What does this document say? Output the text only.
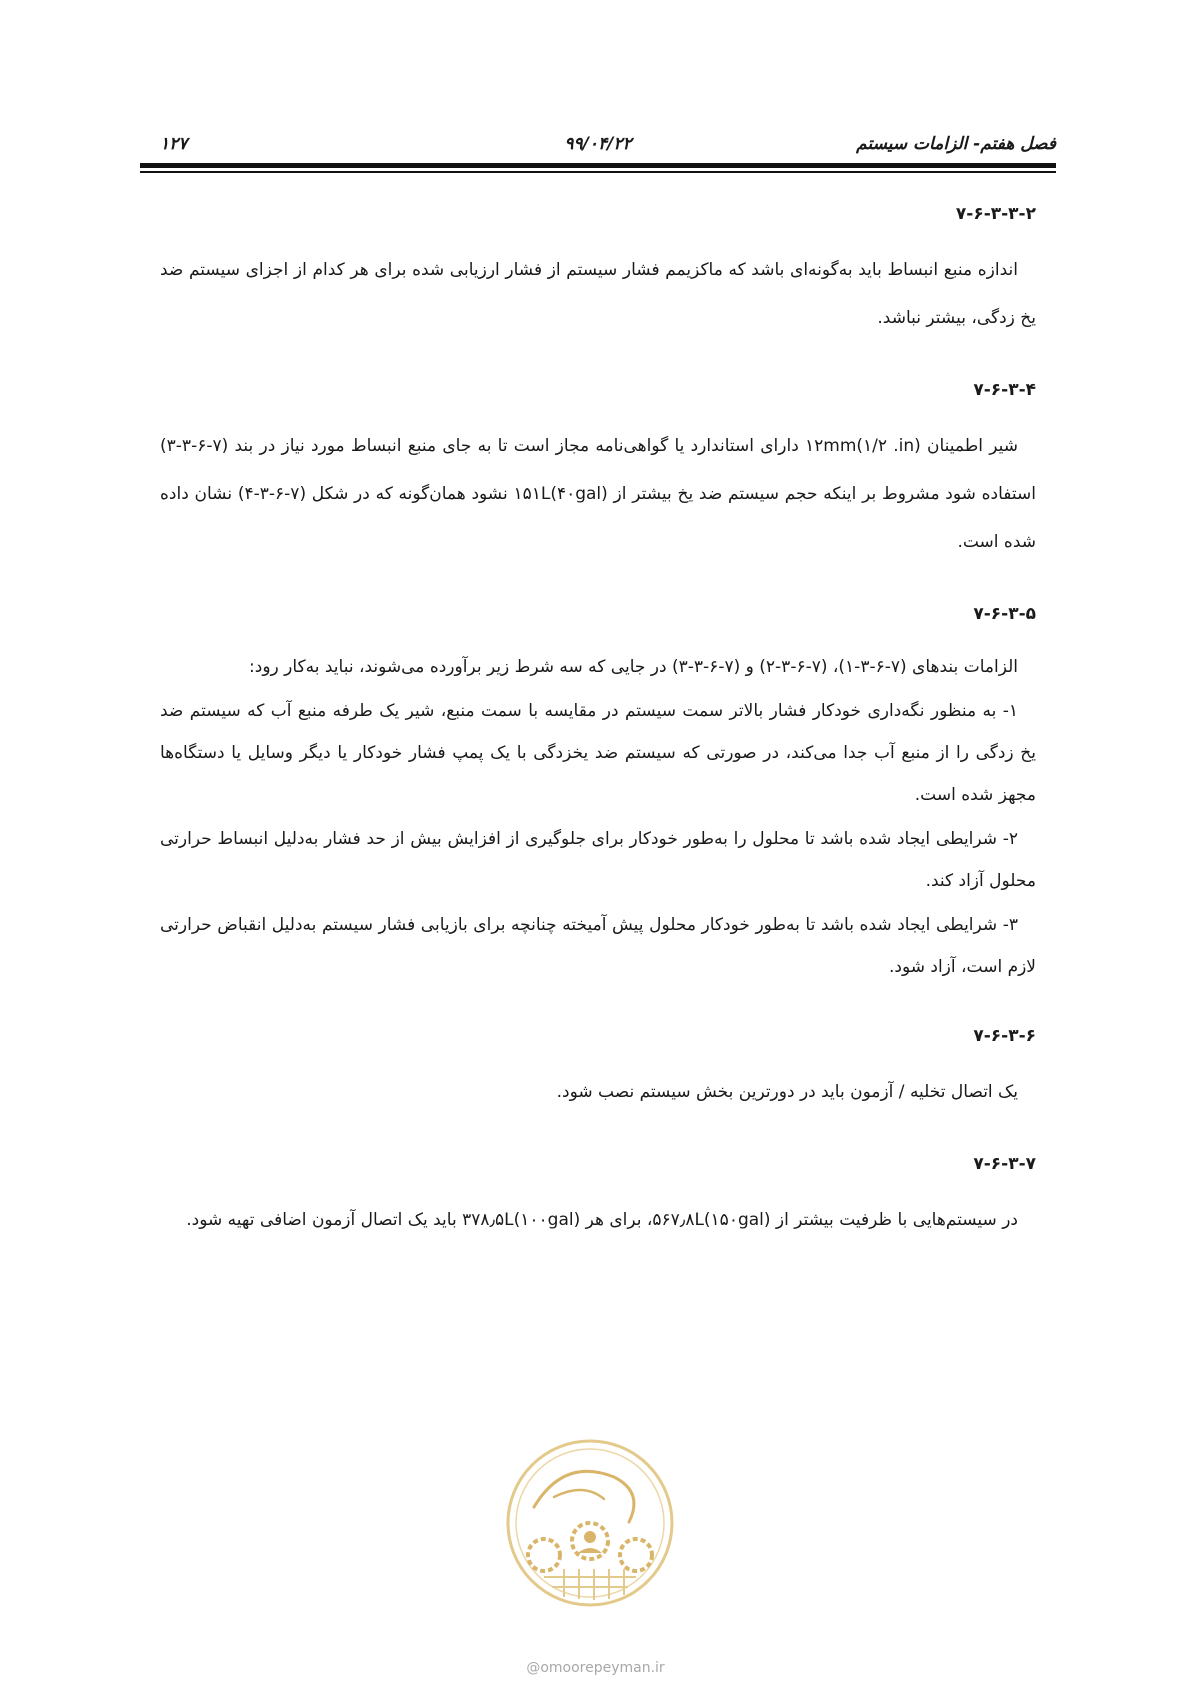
فصل هفتم- الزامات سیستم
۹۹/۰۴/۲۲
۱۲۷
۷-۶-۳-۳-۲

اندازه منبع انبساط باید به‌گونه‌ای باشد که ماکزیمم فشار سیستم از فشار ارزیابی شده برای هر کدام از اجزای سیستم ضد یخ زدگی، بیشتر نباشد.

۷-۶-۳-۴

شیر اطمینان ۱۲mm(۱/۲ .in) دارای استاندارد یا گواهی‌نامه مجاز است تا به جای منبع انبساط مورد نیاز در بند (۷-۶-۳-۳) استفاده شود مشروط بر اینکه حجم سیستم ضد یخ بیشتر از ۱۵۱L(۴۰gal) نشود همان‌گونه که در شکل (۷-۶-۳-۴) نشان داده شده است.

۷-۶-۳-۵

الزامات بندهای (۷-۶-۳-۱)، (۷-۶-۳-۲) و (۷-۶-۳-۳) در جایی که سه شرط زیر برآورده می‌شوند، نباید به‌کار رود:

۱- به منظور نگه‌داری خودکار فشار بالاتر سمت سیستم در مقایسه با سمت منبع، شیر یک طرفه منبع آب که سیستم ضد یخ زدگی را از منبع آب جدا می‌کند، در صورتی که سیستم ضد یخزدگی با یک پمپ فشار خودکار یا دیگر وسایل یا دستگاه‌ها مجهز شده است.

۲- شرایطی ایجاد شده باشد تا محلول را به‌طور خودکار برای جلوگیری از افزایش بیش از حد فشار به‌دلیل انبساط حرارتی محلول آزاد کند.

۳- شرایطی ایجاد شده باشد تا به‌طور خودکار محلول پیش آمیخته چنانچه برای بازیابی فشار سیستم به‌دلیل انقباض حرارتی لازم است، آزاد شود.

۷-۶-۳-۶

یک اتصال تخلیه / آزمون باید در دورترین بخش سیستم نصب شود.

۷-۶-۳-۷

در سیستم‌هایی با ظرفیت بیشتر از ۵۶۷٫۸L(۱۵۰gal)، برای هر ۳۷۸٫۵L(۱۰۰gal) باید یک اتصال آزمون اضافی تهیه شود.

@omoorepeyman.ir
